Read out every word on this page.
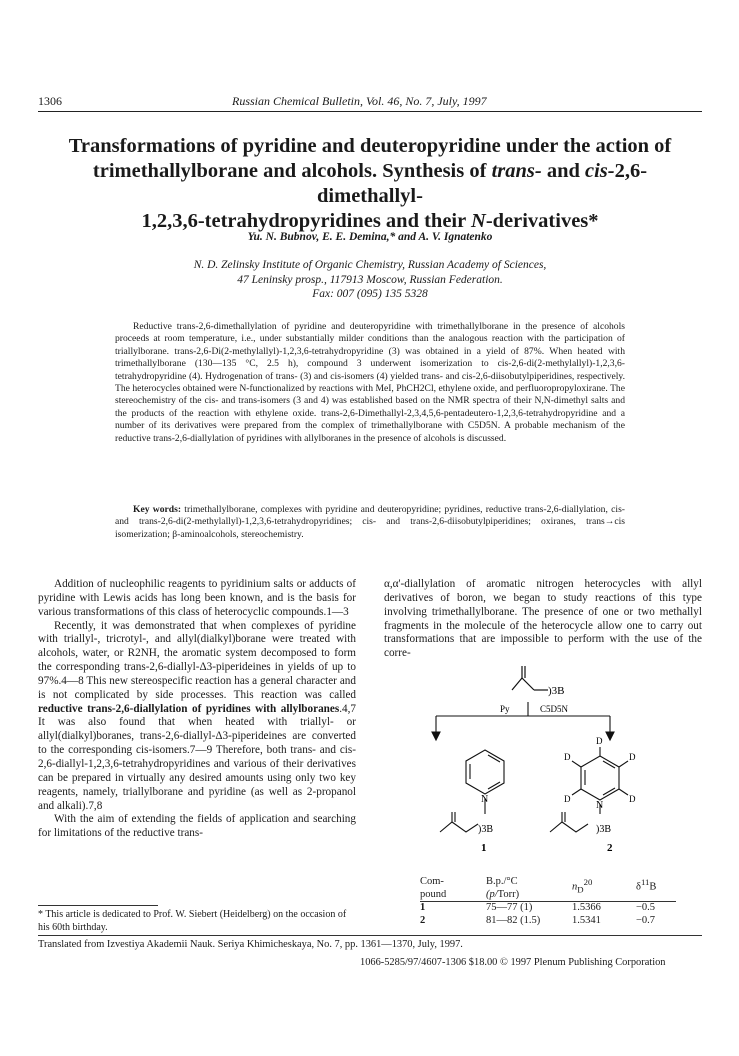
1306	Russian Chemical Bulletin, Vol. 46, No. 7, July, 1997
Transformations of pyridine and deuteropyridine under the action of
trimethallylborane and alcohols. Synthesis of trans- and cis-2,6-dimethallyl-
1,2,3,6-tetrahydropyridines and their N-derivatives*
Yu. N. Bubnov, E. E. Demina,* and A. V. Ignatenko
N. D. Zelinsky Institute of Organic Chemistry, Russian Academy of Sciences,
47 Leninsky prosp., 117913 Moscow, Russian Federation.
Fax: 007 (095) 135 5328
Reductive trans-2,6-dimethallylation of pyridine and deuteropyridine with trimethallylborane in the presence of alcohols proceeds at room temperature, i.e., under substantially milder conditions than the analogous reaction with the participation of triallylborane. trans-2,6-Di(2-methylallyl)-1,2,3,6-tetrahydropyridine (3) was obtained in a yield of 87%. When heated with trimethallylborane (130—135 °C, 2.5 h), compound 3 underwent isomerization to cis-2,6-di(2-methylallyl)-1,2,3,6-tetrahydropyridine (4). Hydrogenation of trans- (3) and cis-isomers (4) yielded trans- and cis-2,6-diisobutylpiperidines, respectively. The heterocycles obtained were N-functionalized by reactions with MeI, PhCH2Cl, ethylene oxide, and perfluoropropyloxirane. The stereochemistry of the cis- and trans-isomers (3 and 4) was established based on the NMR spectra of their N,N-dimethyl salts and the products of the reaction with ethylene oxide. trans-2,6-Dimethallyl-2,3,4,5,6-pentadeutero-1,2,3,6-tetrahydropyridine and a number of its derivatives were prepared from the complex of trimethallylborane with C5D5N. A probable mechanism of the reductive trans-2,6-diallylation of pyridines with allylboranes in the presence of alcohols is discussed.
Key words: trimethallylborane, complexes with pyridine and deuteropyridine; pyridines, reductive trans-2,6-diallylation, cis- and trans-2,6-di(2-methylallyl)-1,2,3,6-tetrahydropyridines; cis- and trans-2,6-diisobutylpiperidines; oxiranes, trans→cis isomerization; β-aminoalcohols, stereochemistry.

Addition of nucleophilic reagents to pyridinium salts or adducts of pyridine with Lewis acids has long been known, and is the basis for various transformations of this class of heterocyclic compounds.1—3

Recently, it was demonstrated that when complexes of pyridine with triallyl-, tricrotyl-, and allyl(dialkyl)borane were treated with alcohols, water, or R2NH, the aromatic system decomposed to form the corresponding trans-2,6-diallyl-Δ3-piperideines in yields of up to 97%.4—8 This new stereospecific reaction has a general character and is not complicated by side processes. This reaction was called reductive trans-2,6-diallylation of pyridines with allylboranes.4,7 It was also found that when heated with triallyl- or allyl(dialkyl)boranes, trans-2,6-diallyl-Δ3-piperideines are converted to the corresponding cis-isomers.7—9 Therefore, both trans- and cis-2,6-diallyl-1,2,3,6-tetrahydropyridines and various of their derivatives can be prepared in virtually any desired amounts using only two key reagents, namely, triallylborane and pyridine (as well as 2-propanol and alkali).7,8

With the aim of extending the fields of application and searching for limitations of the reductive trans-

α,α'-diallylation of aromatic nitrogen heterocycles with allyl derivatives of boron, we began to study reactions of this type involving trimethallylborane. The presence of one or two methallyl fragments in the molecule of the heterocycle allow one to carry out transformations that are impossible to perform with the use of the corre-

)3B
Py	C5D5N
N
)3B
1
D
D
D
D
D
N
)3B
2
Com-
pound	B.p./°C
(p/Torr)	$n_D^{20}$	$\delta^{11}B$
1	75—77 (1)	1.5366	−0.5
2	81—82 (1.5)	1.5341	−0.7
* This article is dedicated to Prof. W. Siebert (Heidelberg) on the occasion of his 60th birthday.
Translated from Izvestiya Akademii Nauk. Seriya Khimicheskaya, No. 7, pp. 1361—1370, July, 1997.
1066-5285/97/4607-1306 $18.00 © 1997 Plenum Publishing Corporation
